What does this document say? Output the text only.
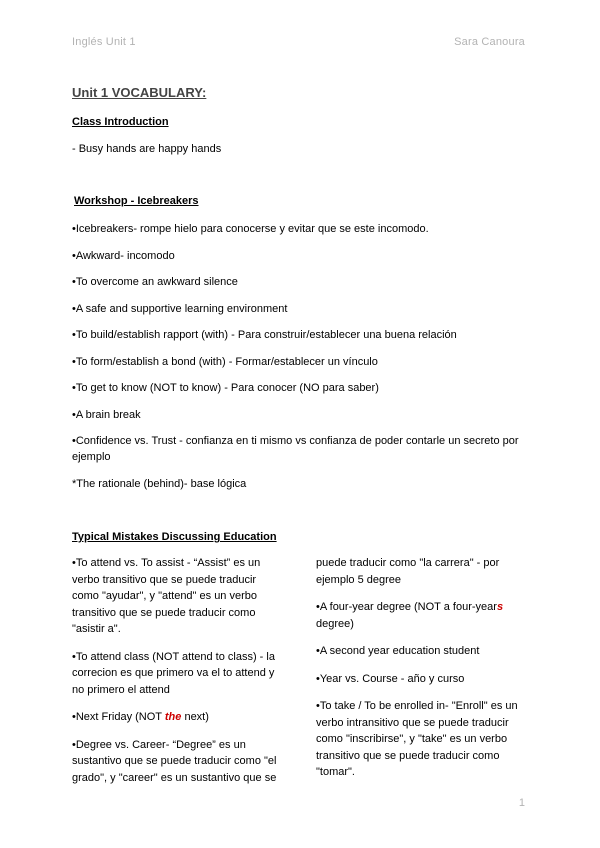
Inglés Unit 1	Sara Canoura
Unit 1 VOCABULARY:
Class Introduction
- Busy hands are happy hands
Workshop - Icebreakers
•Icebreakers- rompe hielo para conocerse y evitar que se este incomodo.
•Awkward- incomodo
•To overcome an awkward silence
•A safe and supportive learning environment
•To build/establish rapport (with) - Para construir/establecer una buena relación
•To form/establish a bond (with) - Formar/establecer un vínculo
•To get to know (NOT to know) - Para conocer (NO para saber)
•A brain break
•Confidence vs. Trust - confianza en ti mismo vs confianza de poder contarle un secreto por ejemplo
*The rationale (behind)- base lógica
Typical Mistakes Discussing Education

•To attend vs. To assist - “Assist” es un verbo transitivo que se puede traducir como "ayudar", y "attend" es un verbo transitivo que se puede traducir como "asistir a".

•To attend class (NOT attend to class) - la correcion es que primero va el to attend y no primero el attend

•Next Friday (NOT the next)

•Degree vs. Career- “Degree” es un sustantivo que se puede traducir como "el grado", y "career" es un sustantivo que se

puede traducir como "la carrera" - por ejemplo 5 degree

•A four-year degree (NOT a four-years degree)

•A second year education student

•Year vs. Course - año y curso

•To take / To be enrolled in- "Enroll" es un verbo intransitivo que se puede traducir como "inscribirse", y "take" es un verbo transitivo que se puede traducir como "tomar".

1
